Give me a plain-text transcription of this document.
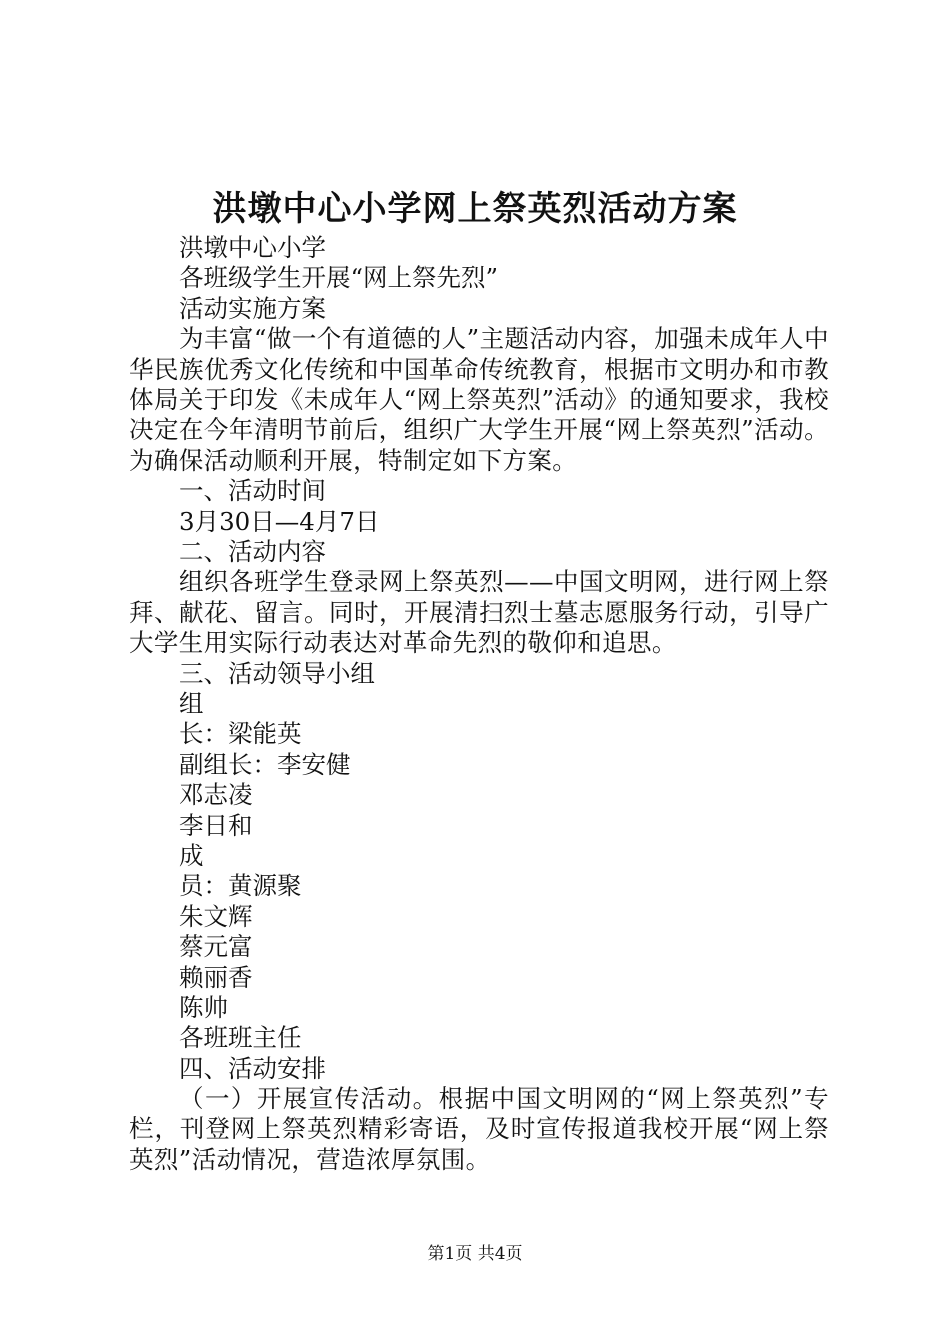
洪墩中心小学网上祭英烈活动方案
洪墩中心小学
各班级学生开展“网上祭先烈”
活动实施方案
为丰富“做一个有道德的人”主题活动内容，加强未成年人中华民族优秀文化传统和中国革命传统教育，根据市文明办和市教体局关于印发《未成年人“网上祭英烈”活动》的通知要求，我校决定在今年清明节前后，组织广大学生开展“网上祭英烈”活动。为确保活动顺利开展，特制定如下方案。
一、活动时间
3月30日—4月7日
二、活动内容
组织各班学生登录网上祭英烈——中国文明网，进行网上祭拜、献花、留言。同时，开展清扫烈士墓志愿服务行动，引导广大学生用实际行动表达对革命先烈的敬仰和追思。
三、活动领导小组
组
长：梁能英
副组长：李安健
邓志凌
李日和
成
员：黄源聚
朱文辉
蔡元富
赖丽香
陈帅
各班班主任
四、活动安排
（一）开展宣传活动。根据中国文明网的“网上祭英烈”专栏，刊登网上祭英烈精彩寄语，及时宣传报道我校开展“网上祭英烈”活动情况，营造浓厚氛围。
第1页 共4页
